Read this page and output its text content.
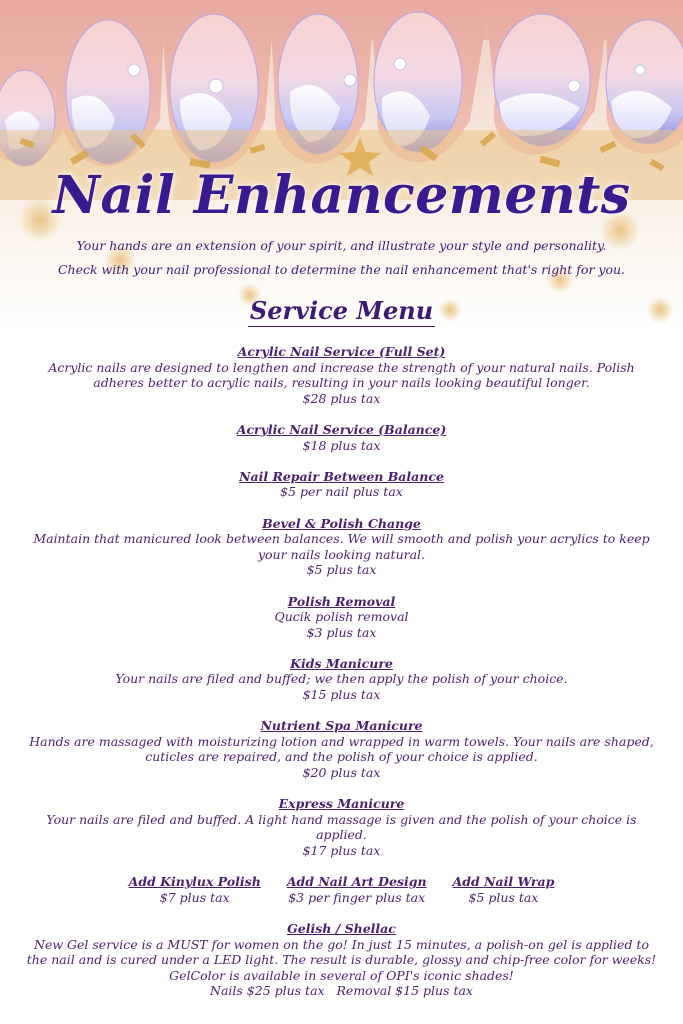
Nail Enhancements

Your hands are an extension of your spirit, and illustrate your style and personality.

Check with your nail professional to determine the nail enhancement that's right for you.

Service Menu
Acrylic Nail Service (Full Set)
Acrylic nails are designed to lengthen and increase the strength of your natural nails. Polish adheres better to acrylic nails, resulting in your nails looking beautiful longer.
$28 plus tax
Acrylic Nail Service (Balance)
$18 plus tax
Nail Repair Between Balance
$5 per nail plus tax
Bevel & Polish Change
Maintain that manicured look between balances. We will smooth and polish your acrylics to keep your nails looking natural.
$5 plus tax
Polish Removal
Qucik polish removal
$3 plus tax
Kids Manicure
Your nails are filed and buffed; we then apply the polish of your choice.
$15 plus tax
Nutrient Spa Manicure
Hands are massaged with moisturizing lotion and wrapped in warm towels. Your nails are shaped, cuticles are repaired, and the polish of your choice is applied.
$20 plus tax
Express Manicure
Your nails are filed and buffed. A light hand massage is given and the polish of your choice is applied.
$17 plus tax
Add Kinylux Polish
$7 plus tax
Add Nail Art Design
$3 per finger plus tax
Add Nail Wrap
$5 plus tax
Gelish / Shellac
New Gel service is a MUST for women on the go! In just 15 minutes, a polish-on gel is applied to the nail and is cured under a LED light. The result is durable, glossy and chip-free color for weeks! GelColor is available in several of OPI's iconic shades!
Nails $25 plus tax   Removal $15 plus tax
